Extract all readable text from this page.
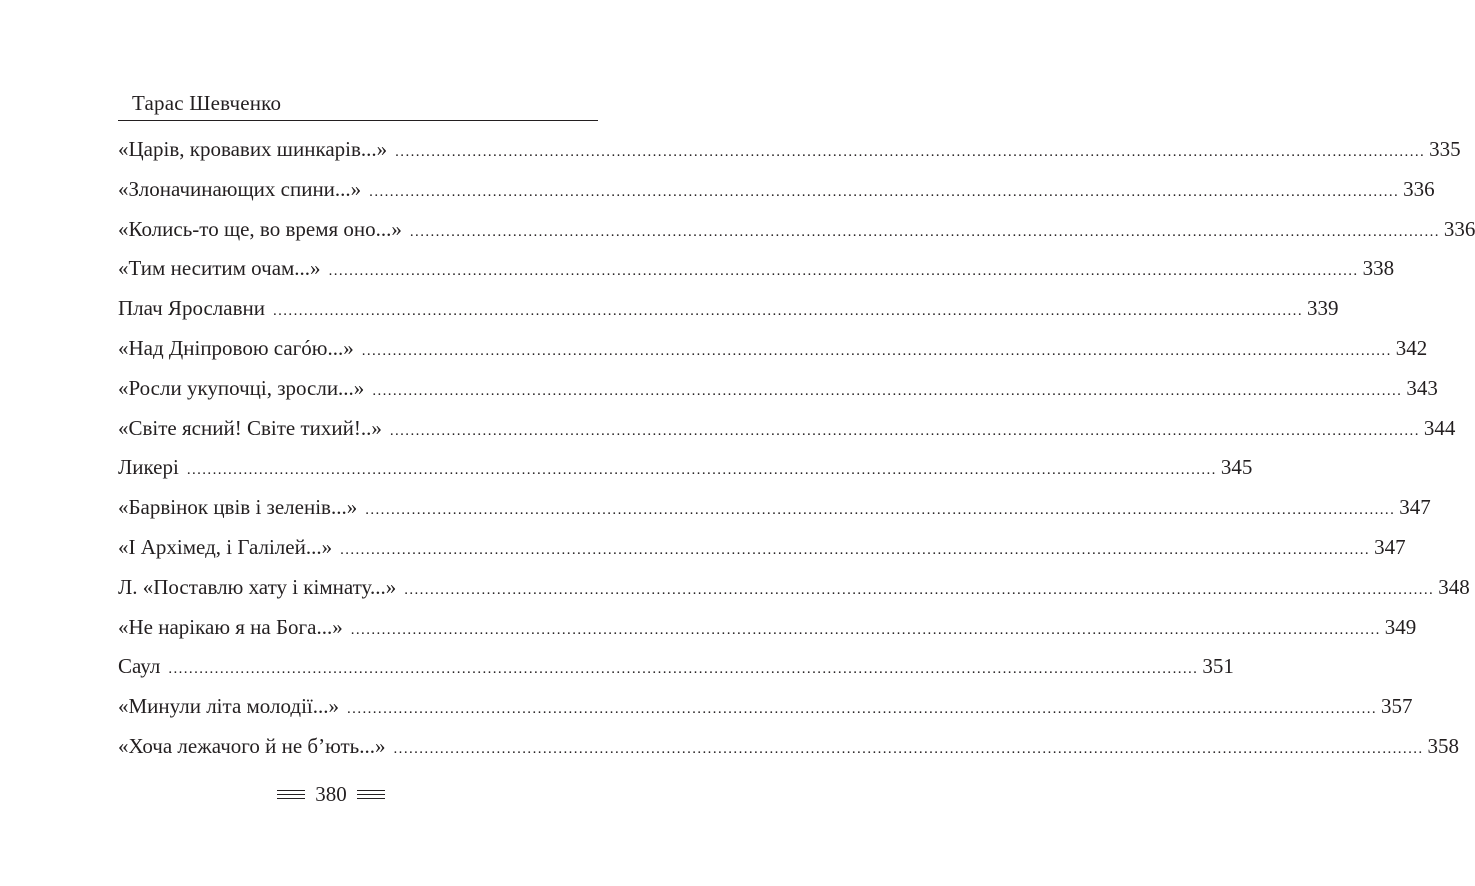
Тарас Шевченко
«Царів, кровавих шинкарів...» ........................................................................................................................................................................................................ 335
«Злоначинающих спини...» ........................................................................................................................................................................................................ 336
«Колись-то ще, во время оно...» ........................................................................................................................................................................................................ 336
«Тим неситим очам...» ........................................................................................................................................................................................................ 338
Плач Ярославни ........................................................................................................................................................................................................ 339
«Над Дніпровою сагóю...» ........................................................................................................................................................................................................ 342
«Росли укупочці, зросли...» ........................................................................................................................................................................................................ 343
«Світе ясний! Світе тихий!..» ........................................................................................................................................................................................................ 344
Ликері ........................................................................................................................................................................................................ 345
«Барвінок цвів і зеленів...» ........................................................................................................................................................................................................ 347
«І Архімед, і Галілей...» ........................................................................................................................................................................................................ 347
Л. «Поставлю хату і кімнату...» ........................................................................................................................................................................................................ 348
«Не нарікаю я на Бога...» ........................................................................................................................................................................................................ 349
Саул ........................................................................................................................................................................................................ 351
«Минули літа молодії...» ........................................................................................................................................................................................................ 357
«Хоча лежачого й не б’ють...» ........................................................................................................................................................................................................ 358
380
